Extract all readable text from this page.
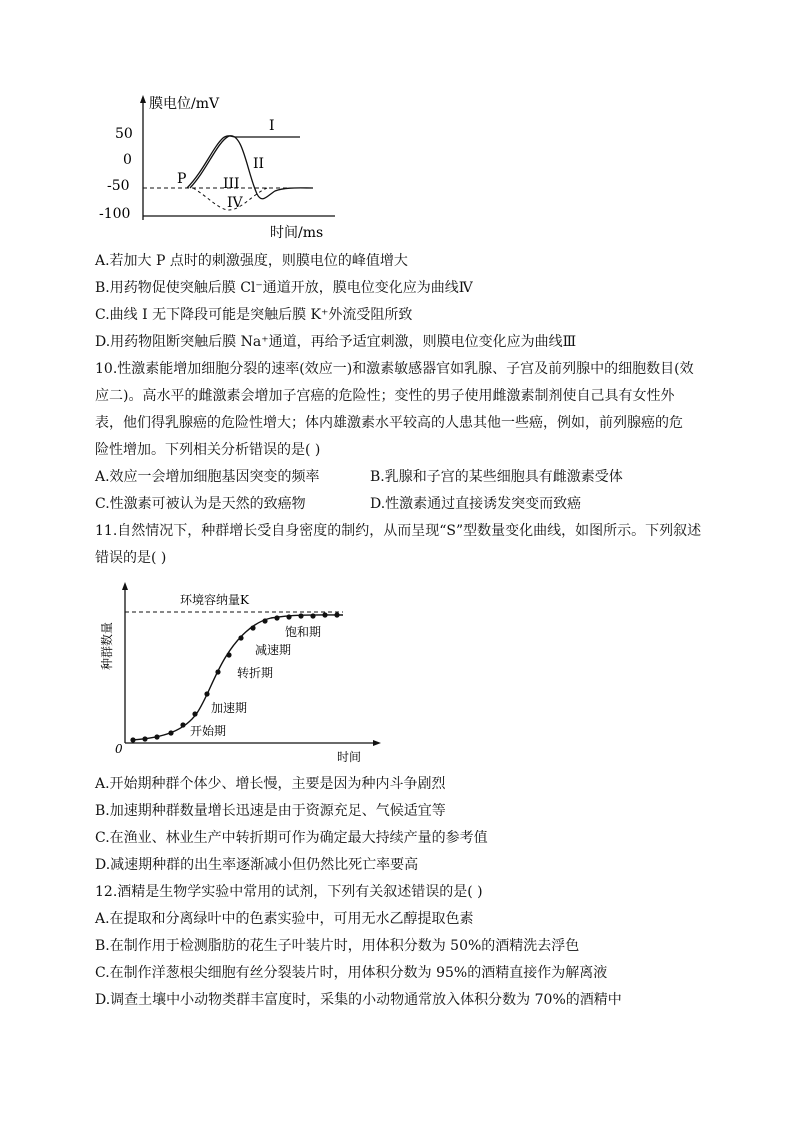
膜电位/mV
时间/ms
50
0
-50
-100
P
I
II
III
IV
A.若加大 P 点时的刺激强度，则膜电位的峰值增大
B.用药物促使突触后膜 Cl⁻通道开放，膜电位变化应为曲线Ⅳ
C.曲线 I 无下降段可能是突触后膜 K⁺外流受阻所致
D.用药物阻断突触后膜 Na⁺通道，再给予适宜刺激，则膜电位变化应为曲线Ⅲ
10.性激素能增加细胞分裂的速率(效应一)和激素敏感器官如乳腺、子宫及前列腺中的细胞数目(效
应二)。高水平的雌激素会增加子宫癌的危险性；变性的男子使用雌激素制剂使自己具有女性外
表，他们得乳腺癌的危险性增大；体内雄激素水平较高的人患其他一些癌，例如，前列腺癌的危
险性增加。下列相关分析错误的是( )
A.效应一会增加细胞基因突变的频率	B.乳腺和子宫的某些细胞具有雌激素受体
C.性激素可被认为是天然的致癌物	D.性激素通过直接诱发突变而致癌
11.自然情况下，种群增长受自身密度的制约，从而呈现“S”型数量变化曲线，如图所示。下列叙述
错误的是( )
0
时间
种群数量
环境容纳量K
饱和期
减速期
转折期
加速期
开始期
A.开始期种群个体少、增长慢，主要是因为种内斗争剧烈
B.加速期种群数量增长迅速是由于资源充足、气候适宜等
C.在渔业、林业生产中转折期可作为确定最大持续产量的参考值
D.减速期种群的出生率逐渐减小但仍然比死亡率要高
12.酒精是生物学实验中常用的试剂，下列有关叙述错误的是( )
A.在提取和分离绿叶中的色素实验中，可用无水乙醇提取色素
B.在制作用于检测脂肪的花生子叶装片时，用体积分数为 50%的酒精洗去浮色
C.在制作洋葱根尖细胞有丝分裂装片时，用体积分数为 95%的酒精直接作为解离液
D.调查土壤中小动物类群丰富度时，采集的小动物通常放入体积分数为 70%的酒精中
